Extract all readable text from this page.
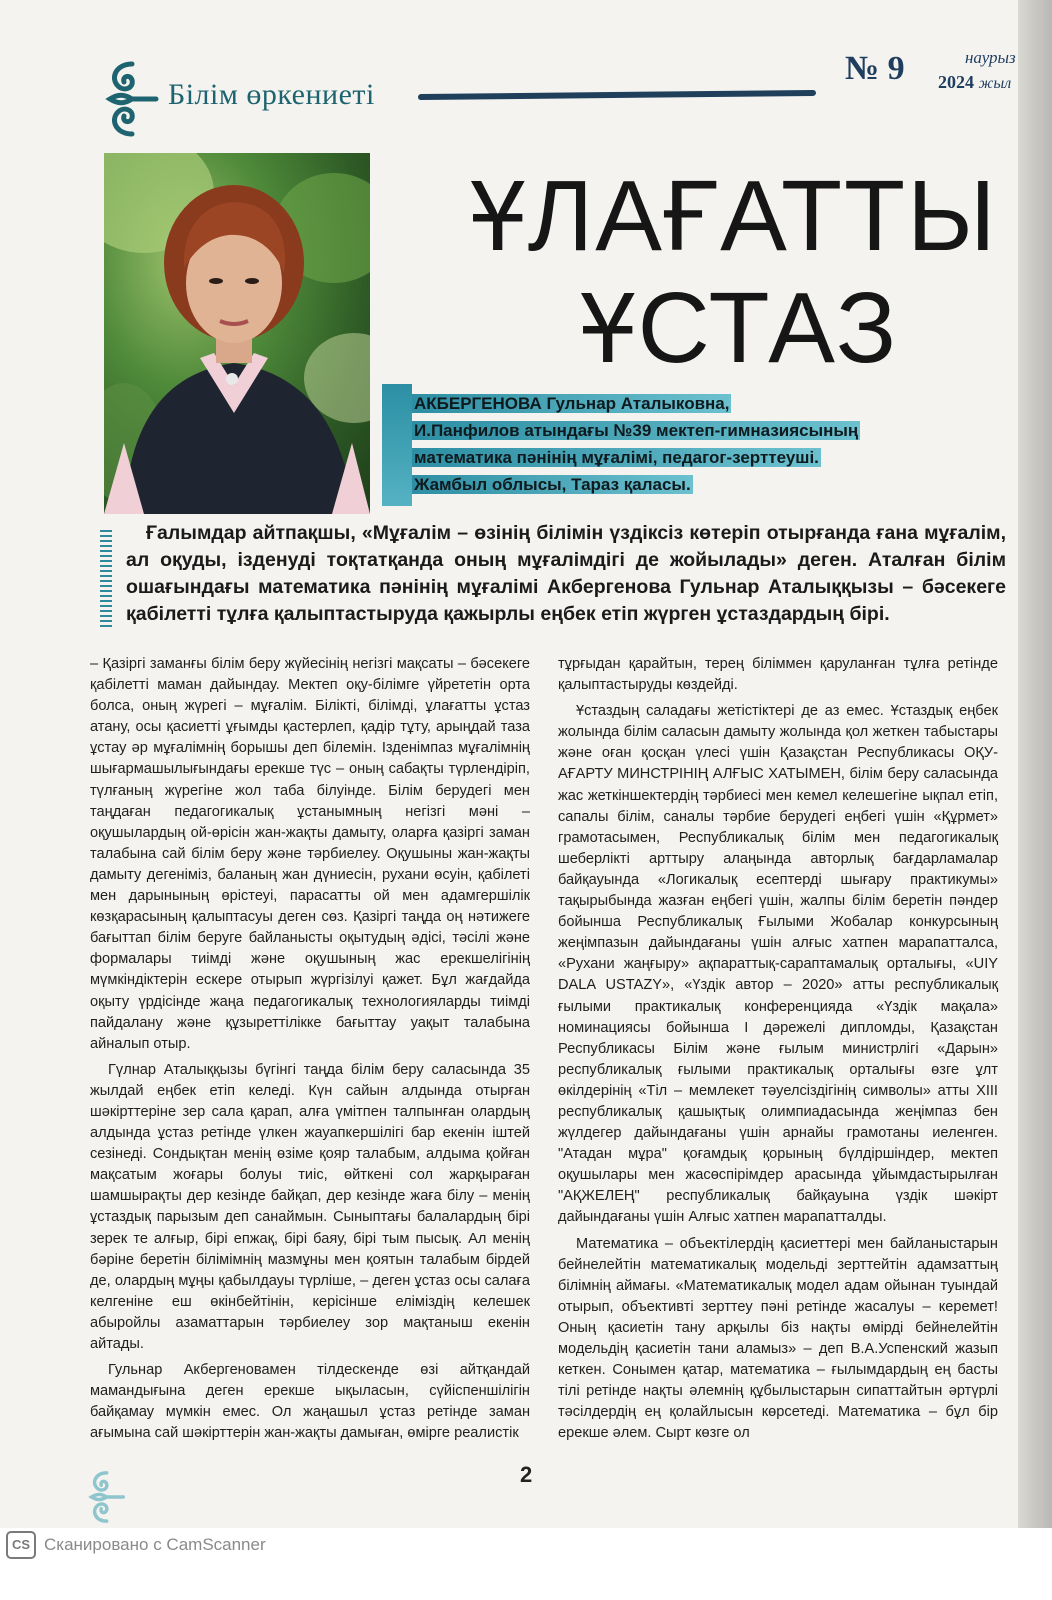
Білім өркениеті
№ 9	наурыз
2024 жыл
ҰЛАҒАТТЫ

ҰСТАЗ
АКБЕРГЕНОВА Гульнар Аталыковна,
И.Панфилов атындағы №39 мектеп-гимназиясының
математика пәнінің мұғалімі, педагог-зерттеуші.
Жамбыл облысы, Тараз қаласы.
Ғалымдар айтпақшы, «Мұғалім – өзінің білімін үздіксіз көтеріп отырғанда ғана мұғалім, ал оқуды, ізденуді тоқтатқанда оның мұғалімдігі де жойылады» деген. Аталған білім ошағындағы математика пәнінің мұғалімі Акбергенова Гульнар Аталыққызы – бәсекеге қабілетті тұлға қалыптастыруда қажырлы еңбек етіп жүрген ұстаздардың бірі.

– Қазіргі заманғы білім беру жүйесінің негізгі мақсаты – бәсекеге қабілетті маман дайындау. Мектеп оқу-білімге үйрететін орта болса, оның жүрегі – мұғалім. Білікті, білімді, ұлағатты ұстаз атану, осы қасиетті ұғымды қастерлеп, қадір тұту, арыңдай таза ұстау әр мұғалімнің борышы деп білемін. Ізденімпаз мұғалімнің шығармашылығындағы ерекше түс – оның сабақты түрлендіріп, түлғаның жүрегіне жол таба білуінде. Білім берудегі мен таңдаған педагогикалық ұстанымның негізгі мәні – оқушылардың ой-өрісін жан-жақты дамыту, оларға қазіргі заман талабына сай білім беру және тәрбиелеу. Оқушыны жан-жақты дамыту дегеніміз, баланың жан дүниесін, рухани өсуін, қабілеті мен дарынының өрістеуі, парасатты ой мен адамгершілік көзқарасының қалыптасуы деген сөз. Қазіргі таңда оң нәтижеге бағыттап білім беруге байланысты оқытудың әдісі, тәсілі және формалары тиімді және оқушының жас ерекшелігінің мүмкіндіктерін ескере отырып жүргізілуі қажет. Бұл жағдайда оқыту үрдісінде жаңа педагогикалық технологияларды тиімді пайдалану және құзыреттілікке бағыттау уақыт талабына айналып отыр.

Гүлнар Аталыққызы бүгінгі таңда білім беру саласында 35 жылдай еңбек етіп келеді. Күн сайын алдында отырған шәкірттеріне зер сала қарап, алға үмітпен талпынған олардың алдында ұстаз ретінде үлкен жауапкершілігі бар екенін іштей сезінеді. Сондықтан менің өзіме қояр талабым, алдыма қойған мақсатым жоғары болуы тиіс, өйткені сол жарқыраған шамшырақты дер кезінде байқап, дер кезінде жаға білу – менің ұстаздық парызым деп санаймын. Сыныптағы балалардың бірі зерек те алғыр, бірі епжақ, бірі баяу, бірі тым пысық. Ал менің бәріне беретін білімімнің мазмұны мен қоятын талабым бірдей де, олардың мұңы қабылдауы түрліше, – деген ұстаз осы салаға келгеніне еш өкінбейтінін, керісінше еліміздің келешек абыройлы азаматтарын тәрбиелеу зор мақтаныш екенін айтады.

Гульнар Акбергеновамен тілдескенде өзі айтқандай мамандығына деген ерекше ықыласын, сүйіспеншілігін байқамау мүмкін емес. Ол жаңашыл ұстаз ретінде заман ағымына сай шәкірттерін жан-жақты дамыған, өмірге реалистік

тұрғыдан қарайтын, терең біліммен қаруланған тұлға ретінде қалыптастыруды көздейді.

Ұстаздың саладағы жетістіктері де аз емес. Ұстаздық еңбек жолында білім саласын дамыту жолында қол жеткен табыстары және оған қосқан үлесі үшін Қазақстан Республикасы ОҚУ-АҒАРТУ МИНСТРІНІҢ АЛҒЫС ХАТЫМЕН, білім беру саласында жас жеткіншектердің тәрбиесі мен кемел келешегіне ықпал етіп, сапалы білім, саналы тәрбие берудегі еңбегі үшін «Құрмет» грамотасымен, Республикалық білім мен педагогикалық шеберлікті арттыру алаңында авторлық бағдарламалар байқауында «Логикалық есептерді шығару практикумы» тақырыбында жазған еңбегі үшін, жалпы білім беретін пәндер бойынша Республикалық Ғылыми Жобалар конкурсының жеңімпазын дайындағаны үшін алғыс хатпен марапатталса, «Рухани жаңғыру» ақпараттық-сараптамалық орталығы, «UIY DALA USTAZY», «Үздік автор – 2020» атты республикалық ғылыми практикалық конференцияда «Үздік мақала» номинациясы бойынша I дәрежелі дипломды, Қазақстан Республикасы Білім және ғылым министрлігі «Дарын» республикалық ғылыми практикалық орталығы өзге ұлт өкілдерінің «Тіл – мемлекет тәуелсіздігінің символы» атты XIII республикалық қашықтық олимпиадасында жеңімпаз бен жүлдегер дайындағаны үшін арнайы грамотаны иеленген. "Атадан мұра" қоғамдық қорының бүлдіршіндер, мектеп оқушылары мен жасөспірімдер арасында ұйымдастырылған "АҚЖЕЛЕҢ" республикалық байқауына үздік шәкірт дайындағаны үшін Алғыс хатпен марапатталды.

Математика – объектілердің қасиеттері мен байланыстарын бейнелейтін математикалық модельді зерттейтін адамзаттың білімнің аймағы. «Математикалық модел адам ойынан туындай отырып, объективті зерттеу пәні ретінде жасалуы – керемет! Оның қасиетін тану арқылы біз нақты өмірді бейнелейтін модельдің қасиетін тани аламыз» – деп В.А.Успенский жазып кеткен. Сонымен қатар, математика – ғылымдардың ең басты тілі ретінде нақты әлемнің құбылыстарын сипаттайтын әртүрлі тәсілдердің ең қолайлысын көрсетеді. Математика – бұл бір ерекше әлем. Сырт көзге ол

2
CS Сканировано с CamScanner
